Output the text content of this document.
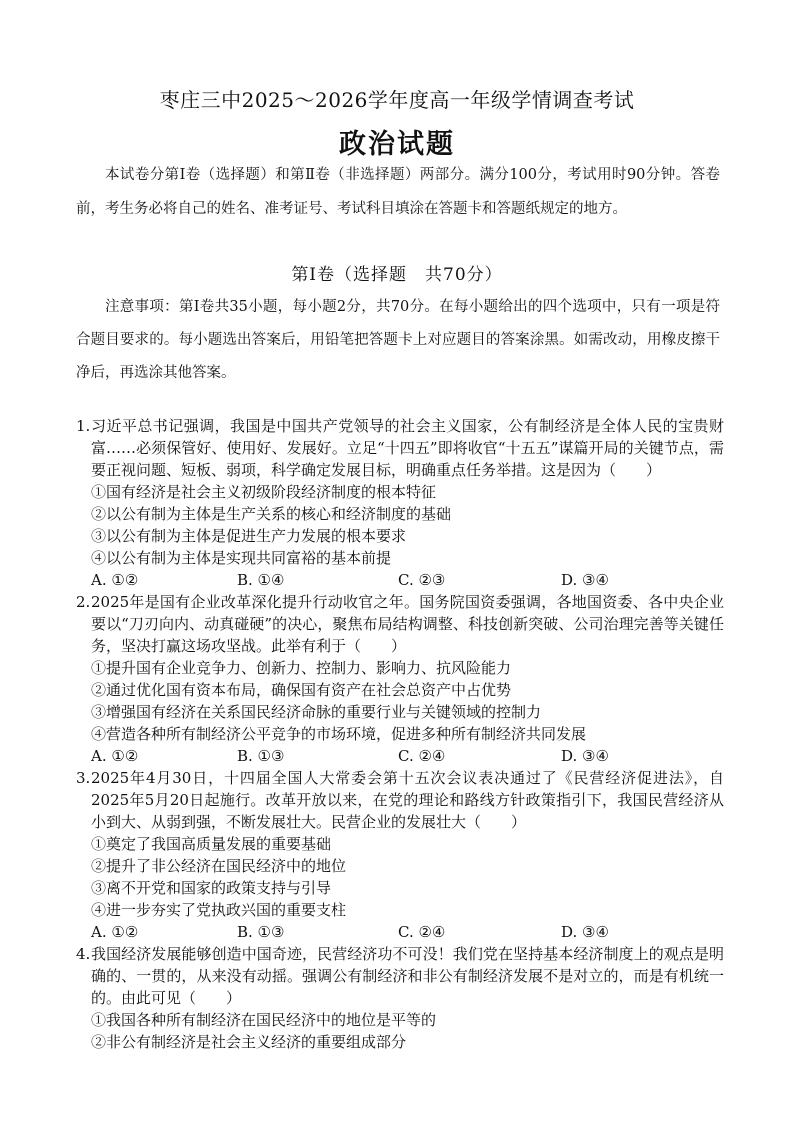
枣庄三中2025～2026学年度高一年级学情调查考试
政治试题
本试卷分第Ⅰ卷（选择题）和第Ⅱ卷（非选择题）两部分。满分100分，考试用时90分钟。答卷前，考生务必将自己的姓名、准考证号、考试科目填涂在答题卡和答题纸规定的地方。
第Ⅰ卷（选择题　共70分）
注意事项：第Ⅰ卷共35小题，每小题2分，共70分。在每小题给出的四个选项中，只有一项是符合题目要求的。每小题选出答案后，用铅笔把答题卡上对应题目的答案涂黑。如需改动，用橡皮擦干净后，再选涂其他答案。
1. 习近平总书记强调，我国是中国共产党领导的社会主义国家，公有制经济是全体人民的宝贵财富……必须保管好、使用好、发展好。立足“十四五”即将收官“十五五”谋篇开局的关键节点，需要正视问题、短板、弱项，科学确定发展目标，明确重点任务举措。这是因为（　　）
①国有经济是社会主义初级阶段经济制度的根本特征
②以公有制为主体是生产关系的核心和经济制度的基础
③以公有制为主体是促进生产力发展的根本要求
④以公有制为主体是实现共同富裕的基本前提
A. ①②	B. ①④	C. ②③	D. ③④
2. 2025年是国有企业改革深化提升行动收官之年。国务院国资委强调，各地国资委、各中央企业要以“刀刃向内、动真碰硬”的决心，聚焦布局结构调整、科技创新突破、公司治理完善等关键任务，坚决打赢这场攻坚战。此举有利于（　　）
①提升国有企业竞争力、创新力、控制力、影响力、抗风险能力
②通过优化国有资本布局，确保国有资产在社会总资产中占优势
③增强国有经济在关系国民经济命脉的重要行业与关键领域的控制力
④营造各种所有制经济公平竞争的市场环境，促进多种所有制经济共同发展
A. ①②	B. ①③	C. ②④	D. ③④
3. 2025年4月30日，十四届全国人大常委会第十五次会议表决通过了《民营经济促进法》，自2025年5月20日起施行。改革开放以来，在党的理论和路线方针政策指引下，我国民营经济从小到大、从弱到强，不断发展壮大。民营企业的发展壮大（　　）
①奠定了我国高质量发展的重要基础
②提升了非公经济在国民经济中的地位
③离不开党和国家的政策支持与引导
④进一步夯实了党执政兴国的重要支柱
A. ①②	B. ①③	C. ②④	D. ③④
4. 我国经济发展能够创造中国奇迹，民营经济功不可没！我们党在坚持基本经济制度上的观点是明确的、一贯的，从来没有动摇。强调公有制经济和非公有制经济发展不是对立的，而是有机统一的。由此可见（　　）
①我国各种所有制经济在国民经济中的地位是平等的
②非公有制经济是社会主义经济的重要组成部分
